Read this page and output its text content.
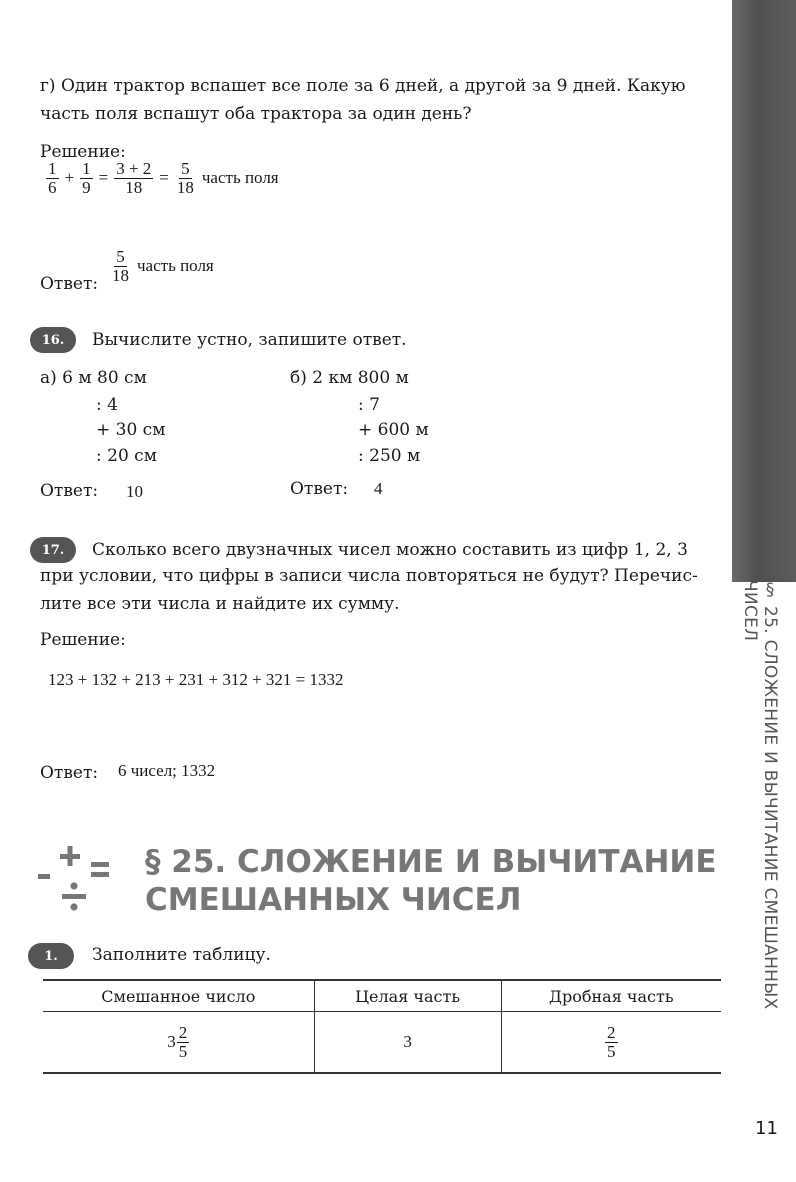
§ 25. СЛОЖЕНИЕ И ВЫЧИТАНИЕ СМЕШАННЫХ ЧИСЕЛ
г) Один трактор вспашет все поле за 6 дней, а другой за 9 дней. Какую
часть поля вспашут оба трактора за один день?
Решение:
$\frac{1}{6} + \frac{1}{9} = \frac{3 + 2}{18} = \frac{5}{18}$ часть поля
Ответ: $\frac{5}{18}$ часть поля
16.	Вычислите устно, запишите ответ.
а) 6 м 80 см
: 4
+ 30 см
: 20 см
Ответ: 10
б) 2 км 800 м
: 7
+ 600 м
: 250 м
Ответ: 4
17.	Сколько всего двузначных чисел можно составить из цифр 1, 2, 3
при условии, что цифры в записи числа повторяться не будут? Перечис-
лите все эти числа и найдите их сумму.
Решение:
123 + 132 + 213 + 231 + 312 + 321 = 1332
Ответ: 6 чисел; 1332
§ 25. СЛОЖЕНИЕ И ВЫЧИТАНИЕ
СМЕШАННЫХ ЧИСЕЛ
1.	Заполните таблицу.
Смешанное число	Целая часть	Дробная часть

$3 \frac{2}{5}$	3	$\frac{2}{5}$
11
